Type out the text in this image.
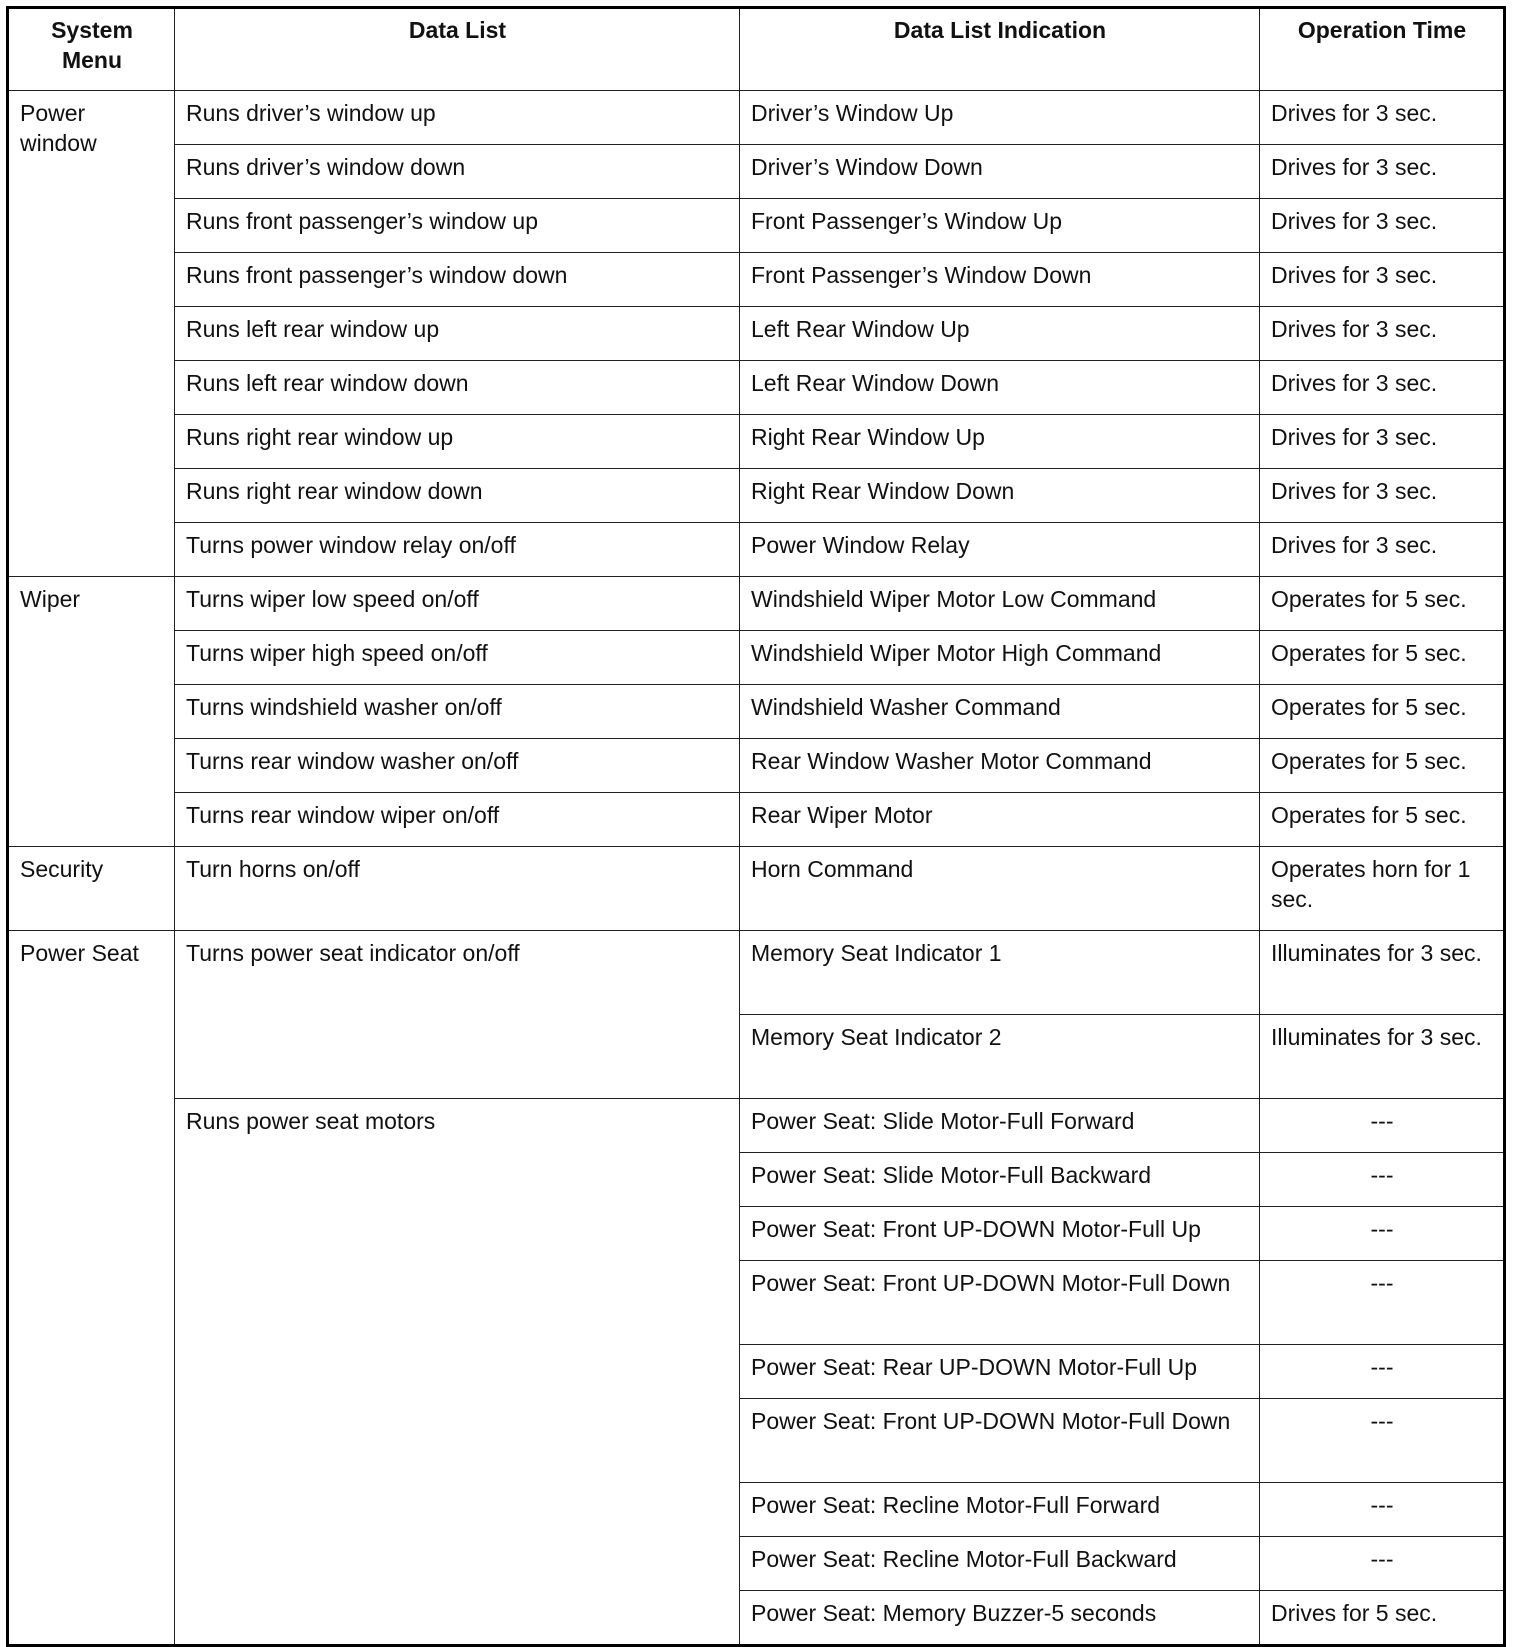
System Menu	Data List	Data List Indication	Operation Time
Power window	Runs driver’s window up	Driver’s Window Up	Drives for 3 sec.
	Runs driver’s window down	Driver’s Window Down	Drives for 3 sec.
	Runs front passenger’s window up	Front Passenger’s Window Up	Drives for 3 sec.
	Runs front passenger’s window down	Front Passenger’s Window Down	Drives for 3 sec.
	Runs left rear window up	Left Rear Window Up	Drives for 3 sec.
	Runs left rear window down	Left Rear Window Down	Drives for 3 sec.
	Runs right rear window up	Right Rear Window Up	Drives for 3 sec.
	Runs right rear window down	Right Rear Window Down	Drives for 3 sec.
	Turns power window relay on/off	Power Window Relay	Drives for 3 sec.
Wiper	Turns wiper low speed on/off	Windshield Wiper Motor Low Command	Operates for 5 sec.
	Turns wiper high speed on/off	Windshield Wiper Motor High Command	Operates for 5 sec.
	Turns windshield washer on/off	Windshield Washer Command	Operates for 5 sec.
	Turns rear window washer on/off	Rear Window Washer Motor Command	Operates for 5 sec.
	Turns rear window wiper on/off	Rear Wiper Motor	Operates for 5 sec.
Security	Turn horns on/off	Horn Command	Operates horn for 1 sec.
Power Seat	Turns power seat indicator on/off	Memory Seat Indicator 1	Illuminates for 3 sec.
		Memory Seat Indicator 2	Illuminates for 3 sec.
	Runs power seat motors	Power Seat: Slide Motor-Full Forward	---
		Power Seat: Slide Motor-Full Backward	---
		Power Seat: Front UP-DOWN Motor-Full Up	---
		Power Seat: Front UP-DOWN Motor-Full Down	---
		Power Seat: Rear UP-DOWN Motor-Full Up	---
		Power Seat: Front UP-DOWN Motor-Full Down	---
		Power Seat: Recline Motor-Full Forward	---
		Power Seat: Recline Motor-Full Backward	---
		Power Seat: Memory Buzzer-5 seconds	Drives for 5 sec.
